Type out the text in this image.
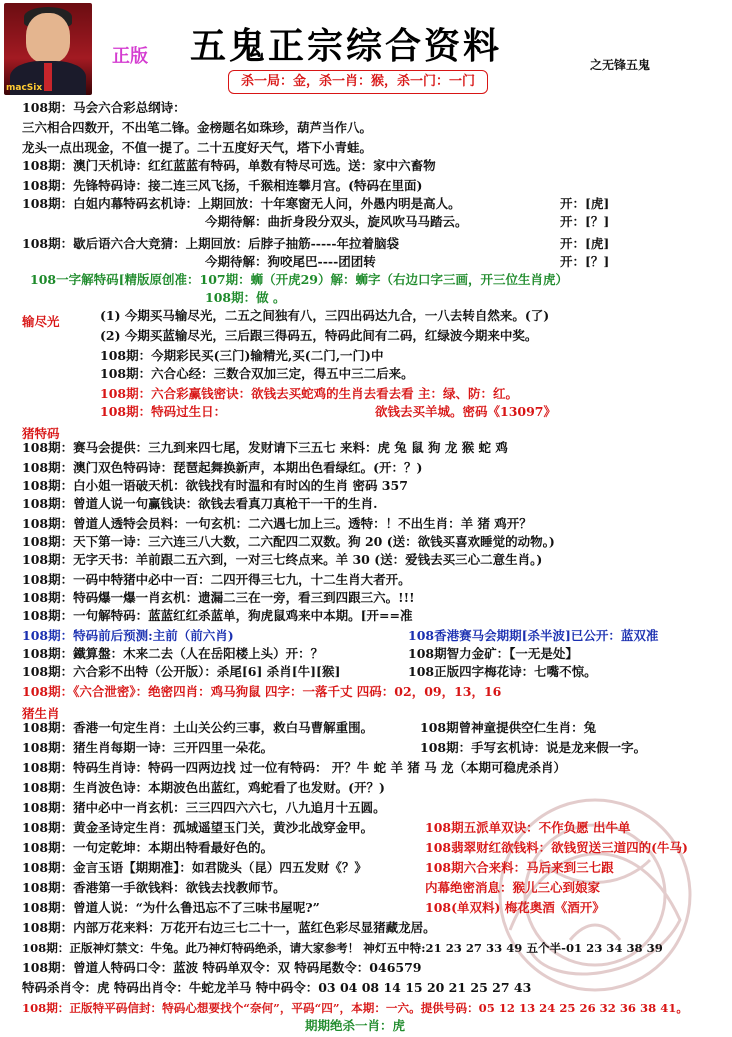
macSix
正版 五鬼正宗综合资料	之无锋五鬼
杀一局：金，杀一肖：猴，杀一门：一门
108期：马会六合彩总纲诗：
三六相合四数开，不出笔二锋。金榜题名如珠珍，葫芦当作八。
龙头一点出现金，不值一提了。二十五度好天气，塔下小青蛙。
108期：澳门天机诗：红红蓝蓝有特码，单数有特尽可选。送：家中六畜物
108期：先锋特码诗：接二连三风飞扬，千猴相连攀月宫。(特码在里面)
108期：白姐内幕特码玄机诗：上期回放：十年寒窗无人问，外愚内明是高人。	开：[虎]
今期待解：曲折身段分双头，旋风吹马马踏云。	开：[？]
108期：歇后语六合大竞猜：上期回放：后脖子抽筋-----年拉着脑袋	开：[虎]
今期待解：狗咬尾巴----团团转	开：[？]
108一字解特码[精版原创准：107期：蛳（开虎29）解：蛳字（右边口字三画，开三位生肖虎）
108期：做 。
输尽光	(1) 今期买马输尽光，二五之间独有八，三四出码达九合，一八去转自然来。(了)
(2) 今期买蓝输尽光，三后跟三得码五，特码此间有二码，红绿波今期来中奖。
108期：今期彩民买(三门)输精光,买(二门,一门)中
108期：六合心经：三数合双加三定，得五中三二后来。
108期：六合彩赢钱密诀：欲钱去买蛇鸡的生肖去看去看 主：绿、防：红。
108期：特码过生日：	欲钱去买羊城。密码《13097》
猪特码
108期：赛马会提供：三九到来四七尾，发财请下三五七 来料：虎 兔 鼠 狗 龙 猴 蛇 鸡
108期：澳门双色特码诗：琵琶起舞换新声，本期出色看绿红。(开：？)
108期：白小姐一语破天机：欲钱找有时温和有时凶的生肖 密码 357
108期：曾道人说一句赢钱诀：欲钱去看真刀真枪干一干的生肖.
108期：曾道人透特会员料：一句玄机：二六遇七加上三。透特：！不出生肖：羊 猪 鸡开？
108期：天下第一诗：三六连三八大数，二六配四二双数。狗 20 (送：欲钱买喜欢睡觉的动物。)
108期：无字天书：羊前跟二五六到，一对三七终点来。羊 30 (送：爱钱去买三心二意生肖。)
108期：一码中特猪中必中一百：二四开得三七九，十二生肖大者开。
108期：特码爆一爆一肖玄机：遗漏二三在一旁，看三到四跟三六。!!!
108期：一句解特码：蓝蓝红红杀蓝单，狗虎鼠鸡来中本期。[开==准
108期：特码前后预测:主前（前六肖)	108香港赛马会期期[杀半波]已公开：蓝双准
108期：鐵算盤：木来二去（人在岳阳楼上头）开：？	108期智力金矿：【一无是处】
108期：六合彩不出特（公开版）：杀尾[6] 杀肖[牛][猴]	108正版四字梅花诗：七嘴不惊。
108期：《六合泄密》：绝密四肖：鸡马狗鼠 四字：一落千丈 四码：02，09，13，16
猪生肖
108期：香港一句定生肖：土山关公约三事，救白马曹解重围。	108期曾神童提供空仁生肖：兔
108期：猪生肖每期一诗：三开四里一朵花。	108期：手写玄机诗：说是龙来假一字。
108期：特码生肖诗：特码一四两边找 过一位有特码： 开？牛 蛇 羊 猪 马 龙（本期可稳虎杀肖）
108期：生肖波色诗：本期波色出蓝红，鸡蛇看了也发财。(开？)
108期：猪中必中一肖玄机：三三四四六六七，八九追月十五圆。
108期：黄金圣诗定生肖：孤城遥望玉门关，黄沙北战穿金甲。	108期五派单双诀：不作负愿 出牛单
108期：一句定乾坤：本期出特看最好色的。	108翡翠财红欲钱料：欲钱贸送三道四的(牛马)
108期：金言玉语【期期准】：如君陇头（昆）四五发财《？》	108期六合来料：马后来到三七跟
108期：香港第一手欲钱料：欲钱去找教师节。	内幕绝密消息：猴儿三心到娘家
108期：曾道人说：“为什么鲁迅忘不了三味书屋呢?”	108(单双料) 梅花奥酒《酒开》
108期：内部万花来料：万花开右边三七二十一，蓝红色彩尽显猪藏龙居。
108期：正版神灯禁文：牛兔。此乃神灯特码绝杀，请大家参考！ 神灯五中特:21 23 27 33 49 五个半-01 23 34 38 39
108期：曾道人特码口令：蓝波 特码单双令：双 特码尾数令：046579
特码杀肖令：虎 特码出肖令：牛蛇龙羊马 特中码令：03 04 08 14 15 20 21 25 27 43
108期：正版特平码信封：特码心想要找个“奈何”，平码“四”，本期：一六。提供号码：05 12 13 24 25 26 32 36 38 41。
期期绝杀一肖：虎
